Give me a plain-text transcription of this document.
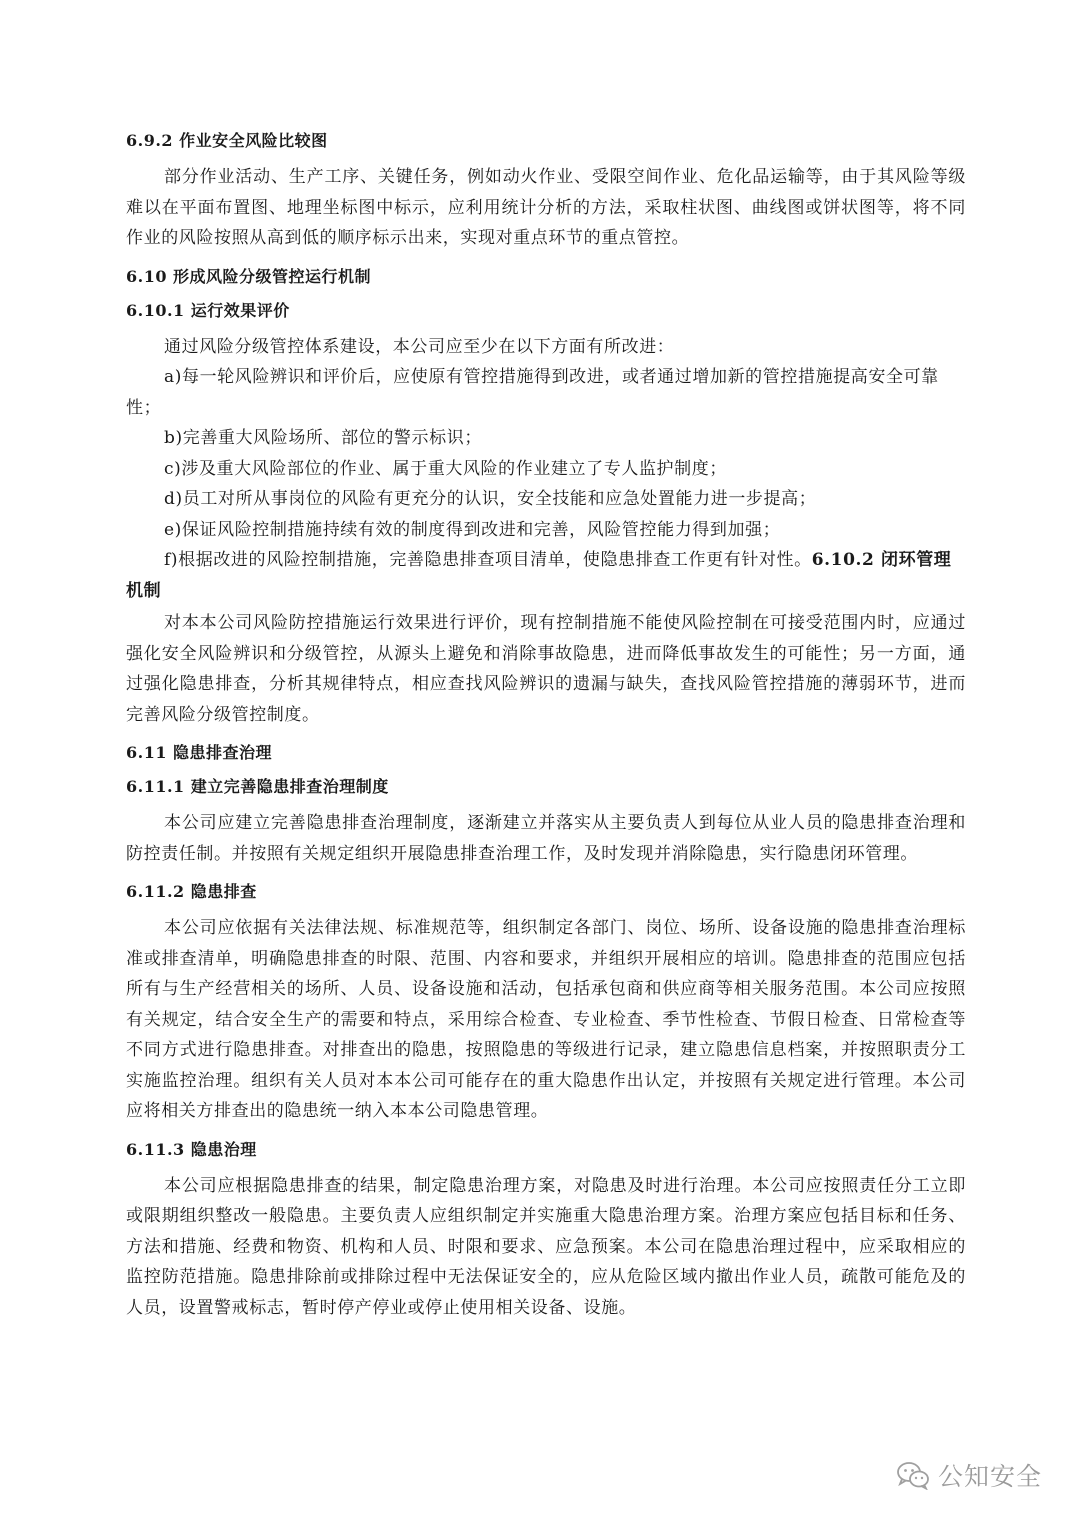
6.9.2 作业安全风险比较图

部分作业活动、生产工序、关键任务，例如动火作业、受限空间作业、危化品运输等，由于其风险等级难以在平面布置图、地理坐标图中标示，应利用统计分析的方法，采取柱状图、曲线图或饼状图等，将不同作业的风险按照从高到低的顺序标示出来，实现对重点环节的重点管控。

6.10 形成风险分级管控运行机制
6.10.1 运行效果评价

通过风险分级管控体系建设，本公司应至少在以下方面有所改进：

a)每一轮风险辨识和评价后，应使原有管控措施得到改进，或者通过增加新的管控措施提高安全可靠性；
b)完善重大风险场所、部位的警示标识；
c)涉及重大风险部位的作业、属于重大风险的作业建立了专人监护制度；
d)员工对所从事岗位的风险有更充分的认识，安全技能和应急处置能力进一步提高；
e)保证风险控制措施持续有效的制度得到改进和完善，风险管控能力得到加强；
f)根据改进的风险控制措施，完善隐患排查项目清单，使隐患排查工作更有针对性。6.10.2 闭环管理机制

对本本公司风险防控措施运行效果进行评价，现有控制措施不能使风险控制在可接受范围内时，应通过强化安全风险辨识和分级管控，从源头上避免和消除事故隐患，进而降低事故发生的可能性；另一方面，通过强化隐患排查，分析其规律特点，相应查找风险辨识的遗漏与缺失，查找风险管控措施的薄弱环节，进而完善风险分级管控制度。

6.11 隐患排查治理
6.11.1 建立完善隐患排查治理制度

本公司应建立完善隐患排查治理制度，逐渐建立并落实从主要负责人到每位从业人员的隐患排查治理和防控责任制。并按照有关规定组织开展隐患排查治理工作，及时发现并消除隐患，实行隐患闭环管理。

6.11.2 隐患排查

本公司应依据有关法律法规、标准规范等，组织制定各部门、岗位、场所、设备设施的隐患排查治理标准或排查清单，明确隐患排查的时限、范围、内容和要求，并组织开展相应的培训。隐患排查的范围应包括所有与生产经营相关的场所、人员、设备设施和活动，包括承包商和供应商等相关服务范围。本公司应按照有关规定，结合安全生产的需要和特点，采用综合检查、专业检查、季节性检查、节假日检查、日常检查等不同方式进行隐患排查。对排查出的隐患，按照隐患的等级进行记录，建立隐患信息档案，并按照职责分工实施监控治理。组织有关人员对本本公司可能存在的重大隐患作出认定，并按照有关规定进行管理。本公司应将相关方排查出的隐患统一纳入本本公司隐患管理。

6.11.3 隐患治理

本公司应根据隐患排查的结果，制定隐患治理方案，对隐患及时进行治理。本公司应按照责任分工立即或限期组织整改一般隐患。主要负责人应组织制定并实施重大隐患治理方案。治理方案应包括目标和任务、方法和措施、经费和物资、机构和人员、时限和要求、应急预案。本公司在隐患治理过程中，应采取相应的监控防范措施。隐患排除前或排除过程中无法保证安全的，应从危险区域内撤出作业人员，疏散可能危及的人员，设置警戒标志，暂时停产停业或停止使用相关设备、设施。

公知安全
